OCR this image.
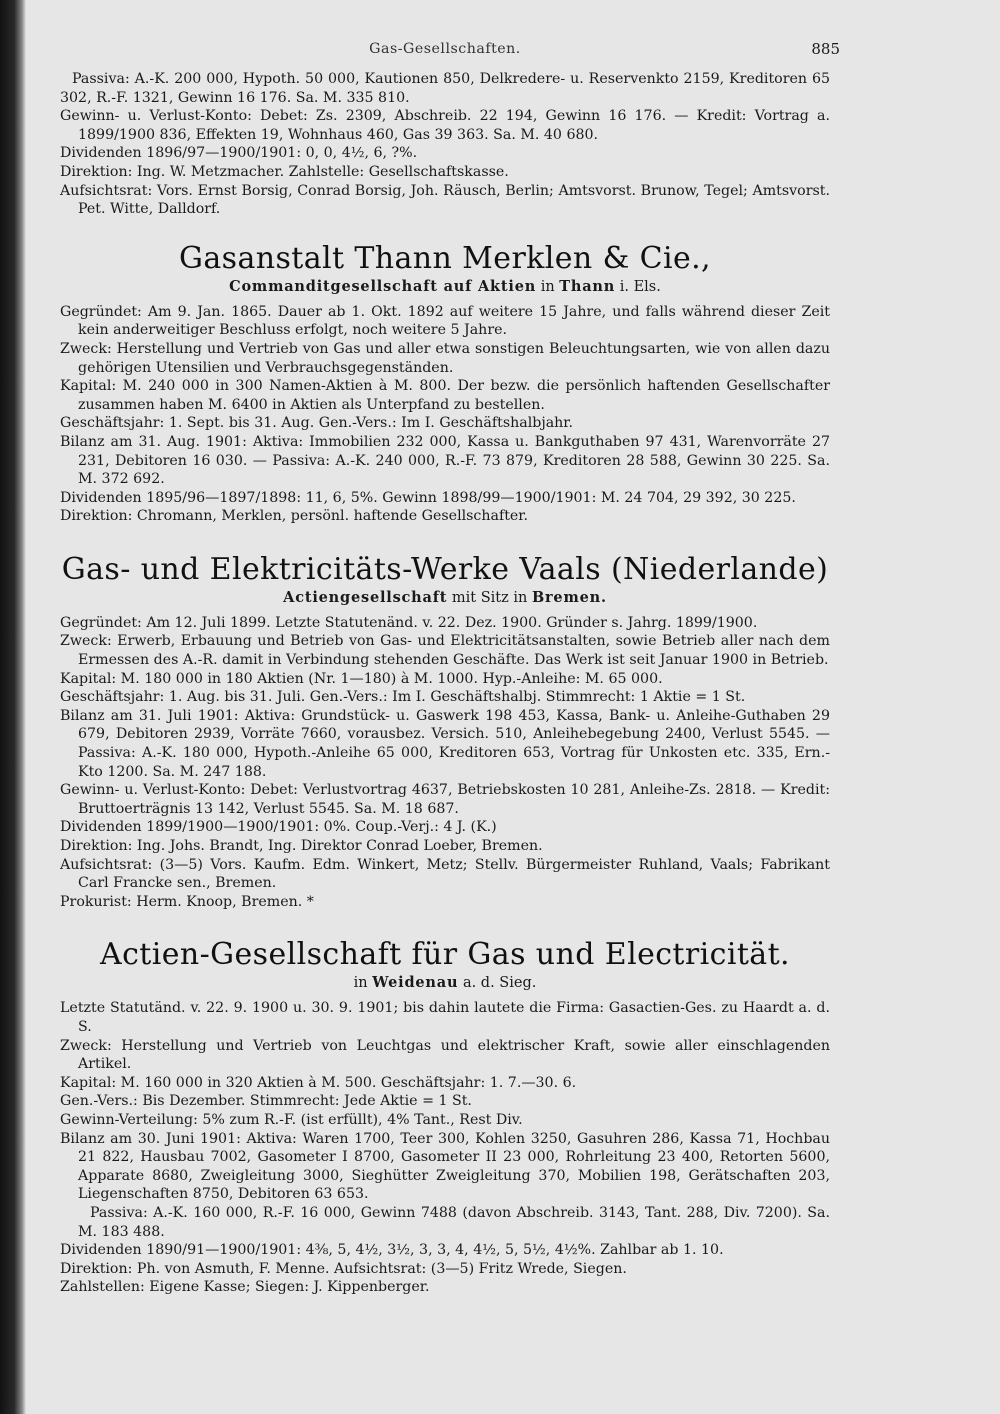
Gas-Gesellschaften.	885

Passiva: A.-K. 200 000, Hypoth. 50 000, Kautionen 850, Delkredere- u. Reservenkto 2159, Kreditoren 65 302, R.-F. 1321, Gewinn 16 176. Sa. M. 335 810.

Gewinn- u. Verlust-Konto: Debet: Zs. 2309, Abschreib. 22 194, Gewinn 16 176. — Kredit: Vortrag a. 1899/1900 836, Effekten 19, Wohnhaus 460, Gas 39 363. Sa. M. 40 680.

Dividenden 1896/97—1900/1901: 0, 0, 4½, 6, ?%.

Direktion: Ing. W. Metzmacher. Zahlstelle: Gesellschaftskasse.

Aufsichtsrat: Vors. Ernst Borsig, Conrad Borsig, Joh. Räusch, Berlin; Amtsvorst. Brunow, Tegel; Amtsvorst. Pet. Witte, Dalldorf.

Gasanstalt Thann Merklen & Cie.,
Commanditgesellschaft auf Aktien in Thann i. Els.

Gegründet: Am 9. Jan. 1865. Dauer ab 1. Okt. 1892 auf weitere 15 Jahre, und falls während dieser Zeit kein anderweitiger Beschluss erfolgt, noch weitere 5 Jahre.

Zweck: Herstellung und Vertrieb von Gas und aller etwa sonstigen Beleuchtungsarten, wie von allen dazu gehörigen Utensilien und Verbrauchsgegenständen.

Kapital: M. 240 000 in 300 Namen-Aktien à M. 800. Der bezw. die persönlich haftenden Gesellschafter zusammen haben M. 6400 in Aktien als Unterpfand zu bestellen.

Geschäftsjahr: 1. Sept. bis 31. Aug. Gen.-Vers.: Im I. Geschäftshalbjahr.

Bilanz am 31. Aug. 1901: Aktiva: Immobilien 232 000, Kassa u. Bankguthaben 97 431, Warenvorräte 27 231, Debitoren 16 030. — Passiva: A.-K. 240 000, R.-F. 73 879, Kreditoren 28 588, Gewinn 30 225. Sa. M. 372 692.

Dividenden 1895/96—1897/1898: 11, 6, 5%. Gewinn 1898/99—1900/1901: M. 24 704, 29 392, 30 225.

Direktion: Chromann, Merklen, persönl. haftende Gesellschafter.

Gas- und Elektricitäts-Werke Vaals (Niederlande)
Actiengesellschaft mit Sitz in Bremen.

Gegründet: Am 12. Juli 1899. Letzte Statutenänd. v. 22. Dez. 1900. Gründer s. Jahrg. 1899/1900.

Zweck: Erwerb, Erbauung und Betrieb von Gas- und Elektricitätsanstalten, sowie Betrieb aller nach dem Ermessen des A.-R. damit in Verbindung stehenden Geschäfte. Das Werk ist seit Januar 1900 in Betrieb.

Kapital: M. 180 000 in 180 Aktien (Nr. 1—180) à M. 1000. Hyp.-Anleihe: M. 65 000.

Geschäftsjahr: 1. Aug. bis 31. Juli. Gen.-Vers.: Im I. Geschäftshalbj. Stimmrecht: 1 Aktie = 1 St.

Bilanz am 31. Juli 1901: Aktiva: Grundstück- u. Gaswerk 198 453, Kassa, Bank- u. Anleihe-Guthaben 29 679, Debitoren 2939, Vorräte 7660, vorausbez. Versich. 510, Anleihebegebung 2400, Verlust 5545. — Passiva: A.-K. 180 000, Hypoth.-Anleihe 65 000, Kreditoren 653, Vortrag für Unkosten etc. 335, Ern.-Kto 1200. Sa. M. 247 188.

Gewinn- u. Verlust-Konto: Debet: Verlustvortrag 4637, Betriebskosten 10 281, Anleihe-Zs. 2818. — Kredit: Bruttoerträgnis 13 142, Verlust 5545. Sa. M. 18 687.

Dividenden 1899/1900—1900/1901: 0%. Coup.-Verj.: 4 J. (K.)

Direktion: Ing. Johs. Brandt, Ing. Direktor Conrad Loeber, Bremen.

Aufsichtsrat: (3—5) Vors. Kaufm. Edm. Winkert, Metz; Stellv. Bürgermeister Ruhland, Vaals; Fabrikant Carl Francke sen., Bremen.

Prokurist: Herm. Knoop, Bremen. *

Actien-Gesellschaft für Gas und Electricität.
in Weidenau a. d. Sieg.

Letzte Statutänd. v. 22. 9. 1900 u. 30. 9. 1901; bis dahin lautete die Firma: Gasactien-Ges. zu Haardt a. d. S.

Zweck: Herstellung und Vertrieb von Leuchtgas und elektrischer Kraft, sowie aller einschlagenden Artikel.

Kapital: M. 160 000 in 320 Aktien à M. 500. Geschäftsjahr: 1. 7.—30. 6.

Gen.-Vers.: Bis Dezember. Stimmrecht: Jede Aktie = 1 St.

Gewinn-Verteilung: 5% zum R.-F. (ist erfüllt), 4% Tant., Rest Div.

Bilanz am 30. Juni 1901: Aktiva: Waren 1700, Teer 300, Kohlen 3250, Gasuhren 286, Kassa 71, Hochbau 21 822, Hausbau 7002, Gasometer I 8700, Gasometer II 23 000, Rohrleitung 23 400, Retorten 5600, Apparate 8680, Zweigleitung 3000, Sieghütter Zweigleitung 370, Mobilien 198, Gerätschaften 203, Liegenschaften 8750, Debitoren 63 653.

Passiva: A.-K. 160 000, R.-F. 16 000, Gewinn 7488 (davon Abschreib. 3143, Tant. 288, Div. 7200). Sa. M. 183 488.

Dividenden 1890/91—1900/1901: 4⅜, 5, 4½, 3½, 3, 3, 4, 4½, 5, 5½, 4½%. Zahlbar ab 1. 10.

Direktion: Ph. von Asmuth, F. Menne. Aufsichtsrat: (3—5) Fritz Wrede, Siegen.

Zahlstellen: Eigene Kasse; Siegen: J. Kippenberger.
